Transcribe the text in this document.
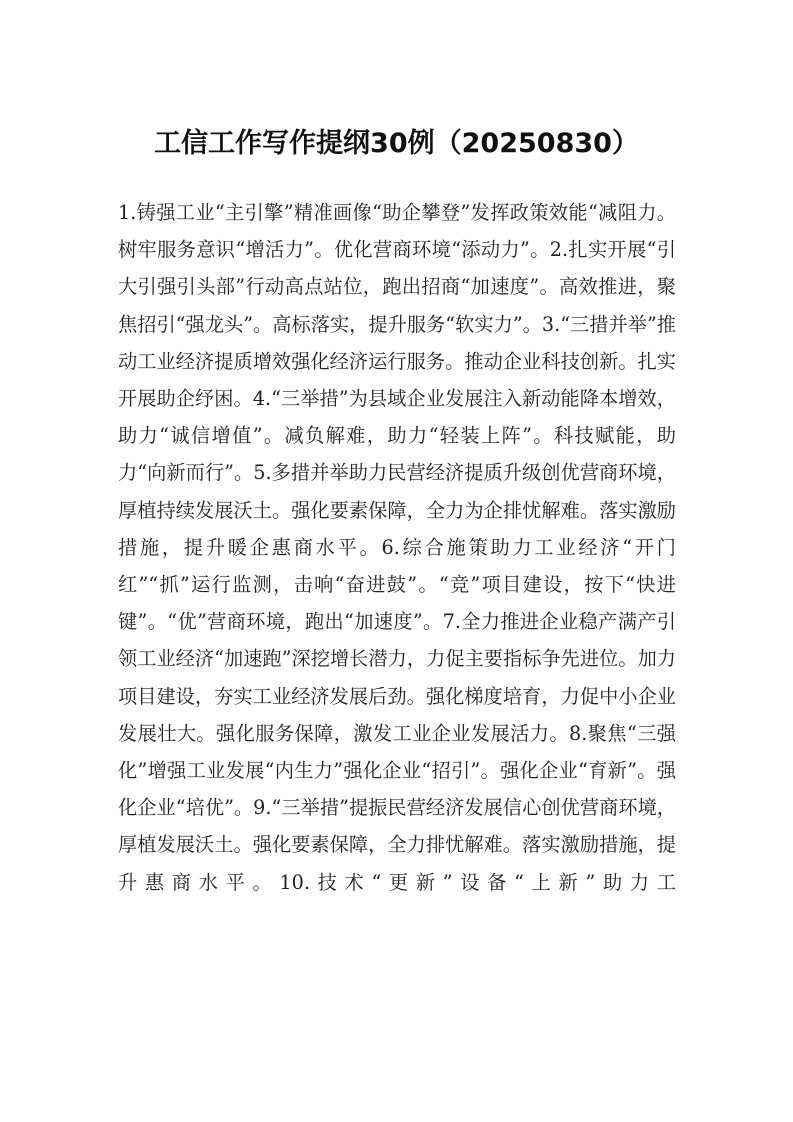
工信工作写作提纲30例（20250830）

1.铸强工业“主引擎”精准画像“助企攀登”发挥政策效能“减阻力。树牢服务意识“增活力”。优化营商环境“添动力”。2.扎实开展“引大引强引头部”行动高点站位，跑出招商“加速度”。高效推进，聚焦招引“强龙头”。高标落实，提升服务“软实力”。3.“三措并举”推动工业经济提质增效强化经济运行服务。推动企业科技创新。扎实开展助企纾困。4.“三举措”为县域企业发展注入新动能降本增效，助力“诚信增值”。减负解难，助力“轻装上阵”。科技赋能，助力“向新而行”。5.多措并举助力民营经济提质升级创优营商环境，厚植持续发展沃土。强化要素保障，全力为企排忧解难。落实激励措施，提升暖企惠商水平。6.综合施策助力工业经济“开门红”“抓”运行监测，击响“奋进鼓”。“竞”项目建设，按下“快进键”。“优”营商环境，跑出“加速度”。7.全力推进企业稳产满产引领工业经济“加速跑”深挖增长潜力，力促主要指标争先进位。加力项目建设，夯实工业经济发展后劲。强化梯度培育，力促中小企业发展壮大。强化服务保障，激发工业企业发展活力。8.聚焦“三强化”增强工业发展“内生力”强化企业“招引”。强化企业“育新”。强化企业“培优”。9.“三举措”提振民营经济发展信心创优营商环境，厚植发展沃土。强化要素保障，全力排忧解难。落实激励措施，提升惠商水平。10.技术“更新”设备“上新”助力工
